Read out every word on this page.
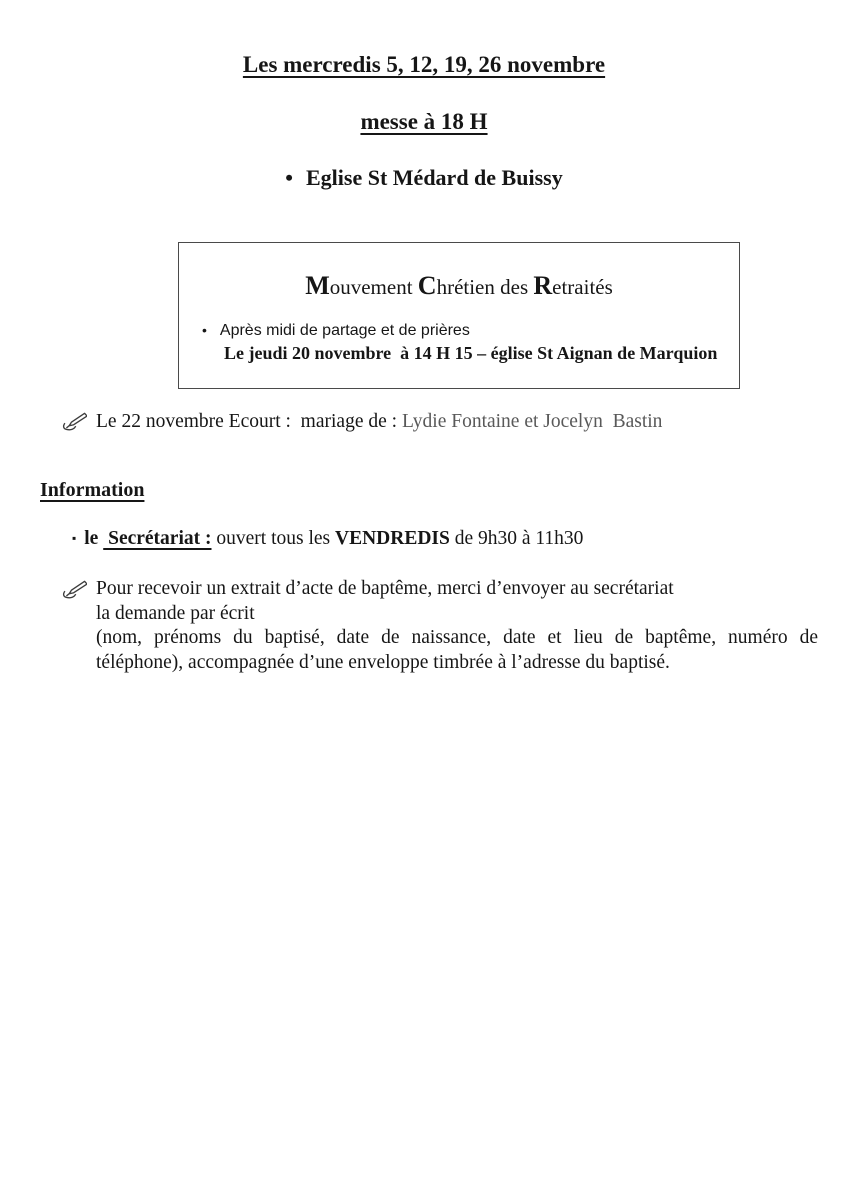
Les mercredis 5, 12, 19, 26 novembre
messe à 18 H
• Eglise St Médard de Buissy
Mouvement Chrétien des Retraités
• Après midi de partage et de prières
Le jeudi 20 novembre  à 14 H 15 – église St Aignan de Marquion
Le 22 novembre Ecourt :  mariage de : Lydie Fontaine et Jocelyn  Bastin
Information
▪ le  Secrétariat : ouvert tous les VENDREDIS de 9h30 à 11h30
Pour recevoir un extrait d’acte de baptême, merci d’envoyer au secrétariat
la demande par écrit
(nom, prénoms du baptisé, date de naissance, date et lieu de baptême, numéro de
téléphone), accompagnée d’une enveloppe timbrée à l’adresse du baptisé.
